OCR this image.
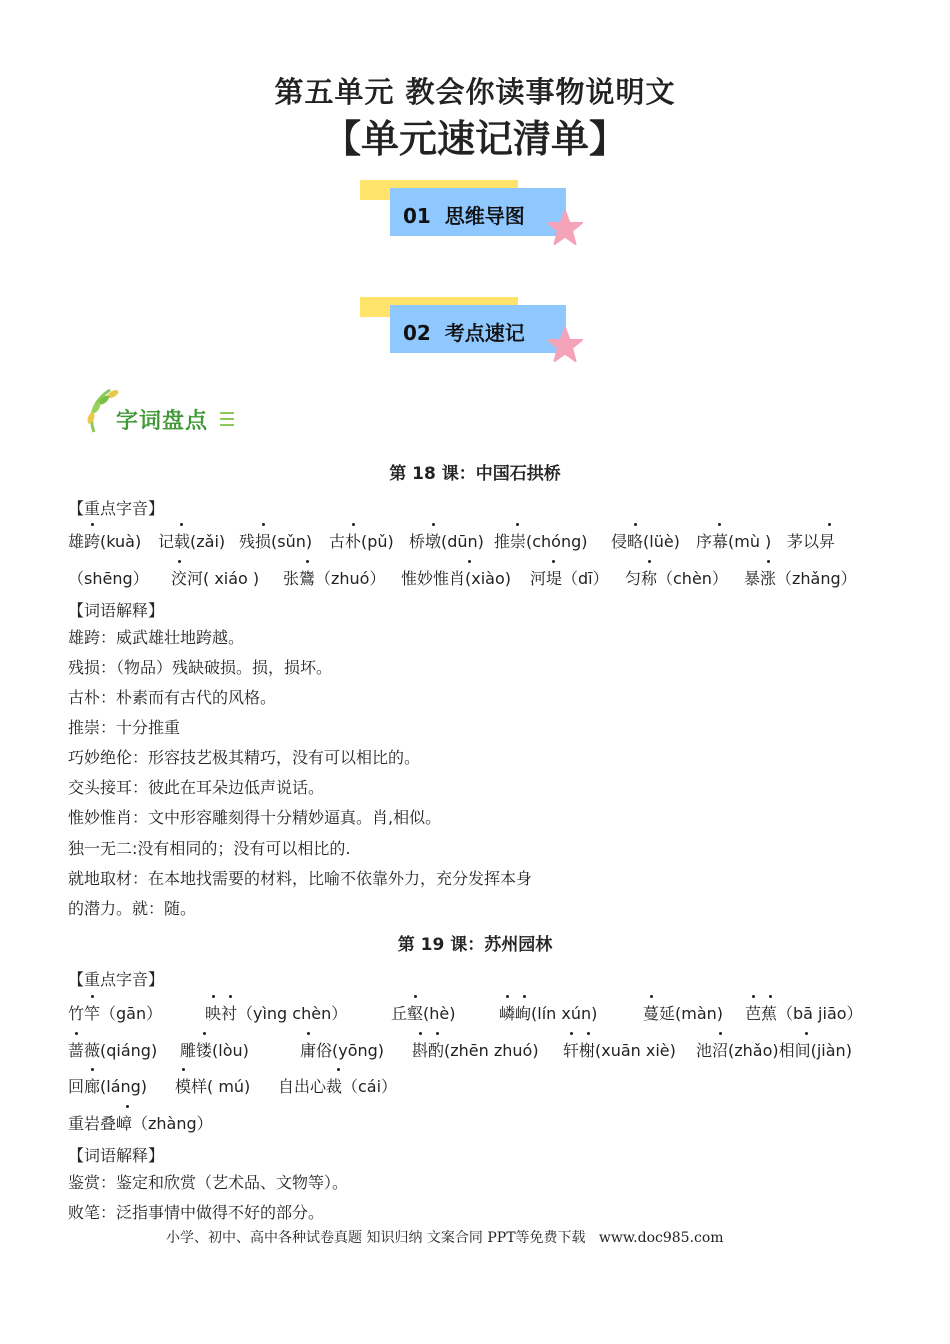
第五单元 教会你读事物说明文
【单元速记清单】
01  思维导图
02  考点速记
字词盘点
第 18 课：中国石拱桥
【重点字音】
雄跨(kuà) 记载(zǎi) 残损(sǔn) 古朴(pǔ) 桥墩(dūn) 推崇(chóng) 侵略(lüè) 序幕(mù ) 茅以昇
（shēng） 洨河( xiáo ) 张鷟（zhuó） 惟妙惟肖(xiào) 河堤（dī） 匀称（chèn） 暴涨（zhǎng）
【词语解释】
雄跨：威武雄壮地跨越。
残损：（物品）残缺破损。损，损坏。
古朴：朴素而有古代的风格。
推崇：十分推重
巧妙绝伦：形容技艺极其精巧，没有可以相比的。
交头接耳：彼此在耳朵边低声说话。
惟妙惟肖：文中形容雕刻得十分精妙逼真。肖,相似。
独一无二:没有相同的；没有可以相比的.
就地取材：在本地找需要的材料，比喻不依靠外力，充分发挥本身
的潜力。就：随。
第 19 课：苏州园林
【重点字音】
竹竿（gān）	映衬（yìng chèn）	丘壑(hè)	嶙峋(lín xún)	蔓延(màn) 芭蕉（bā jiāo）
蔷薇(qiáng) 雕镂(lòu)	庸俗(yōng) 斟酌(zhēn zhuó) 轩榭(xuān xiè) 池沼(zhǎo)相间(jiàn)
回廊(láng) 模样( mú) 自出心裁（cái）
重岩叠嶂（zhàng）
【词语解释】
鉴赏：鉴定和欣赏（艺术品、文物等）。
败笔：泛指事情中做得不好的部分。
小学、初中、高中各种试卷真题 知识归纳 文案合同 PPT等免费下载   www.doc985.com
